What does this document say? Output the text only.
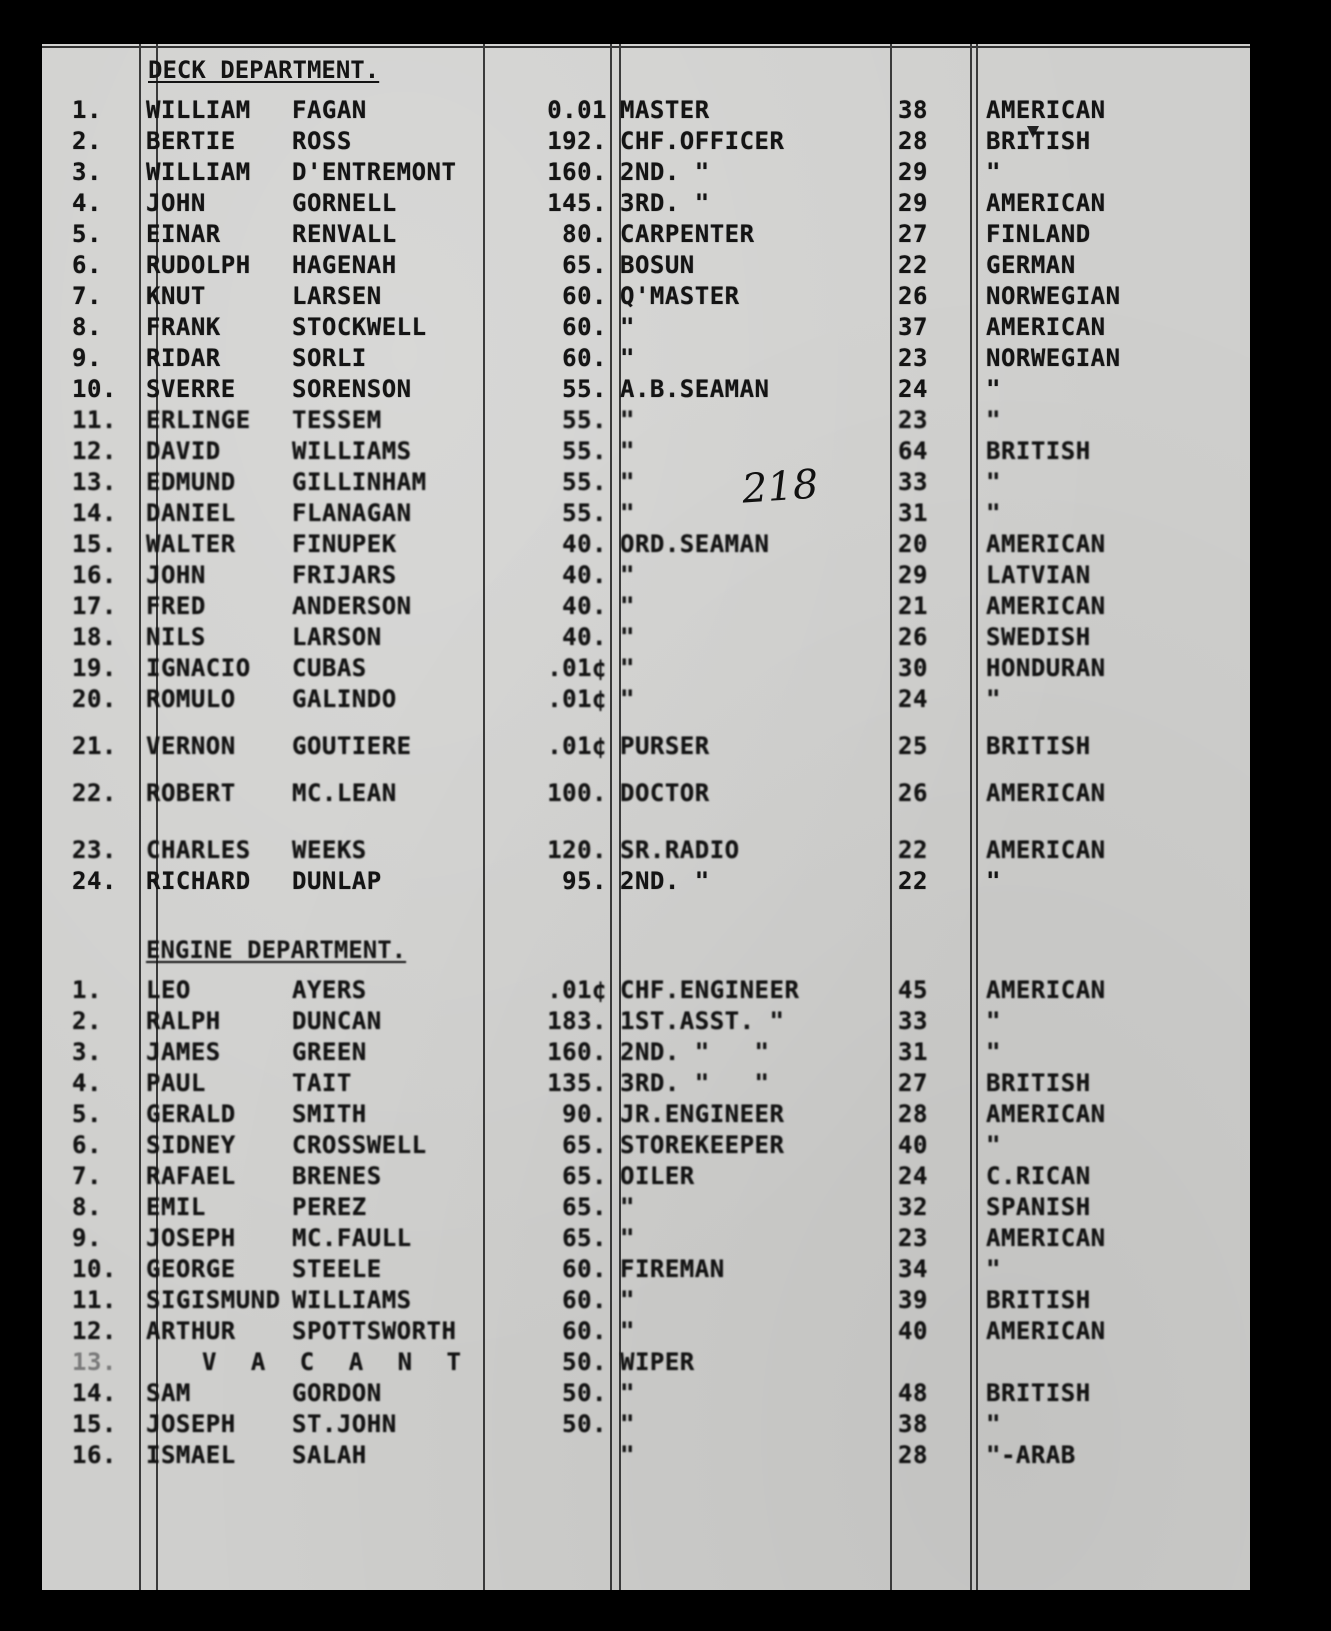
DECK DEPARTMENT.
ENGINE DEPARTMENT.
218
1. WILLIAM FAGAN	0.01 MASTER	38 AMERICAN
2. BERTIE ROSS	192. CHF.OFFICER	28 BRITISH
3. WILLIAM D'ENTREMONT	160. 2ND. "	29 "
4. JOHN	GORNELL	145. 3RD. "	29 AMERICAN
5. EINAR	RENVALL	80. CARPENTER	27 FINLAND
6. RUDOLPH HAGENAH	65. BOSUN	22 GERMAN
7. KNUT	LARSEN	60. Q'MASTER	26 NORWEGIAN
8. FRANK	STOCKWELL	60. "	37 AMERICAN
9. RIDAR	SORLI	60. "	23 NORWEGIAN
10. SVERRE SORENSON	55. A.B.SEAMAN	24 "
11. ERLINGE TESSEM	55. "	23 "
12. DAVID	WILLIAMS	55. "	64 BRITISH
13. EDMUND GILLINHAM	55. "	33 "
14. DANIEL FLANAGAN	55. "	31 "
15. WALTER FINUPEK	40. ORD.SEAMAN	20 AMERICAN
16. JOHN	FRIJARS	40. "	29 LATVIAN
17. FRED	ANDERSON	40. "	21 AMERICAN
18. NILS	LARSON	40. "	26 SWEDISH
19. IGNACIO CUBAS	.01¢ "	30 HONDURAN
20. ROMULO GALINDO	.01¢ "	24 "
21. VERNON GOUTIERE	.01¢ PURSER	25 BRITISH
22. ROBERT MC.LEAN	100. DOCTOR	26 AMERICAN
23. CHARLES WEEKS	120. SR.RADIO	22 AMERICAN
24. RICHARD DUNLAP	95. 2ND. "	22 "
1. LEO	AYERS	.01¢ CHF.ENGINEER	45 AMERICAN
2. RALPH	DUNCAN	183. 1ST.ASST. "	33 "
3. JAMES	GREEN	160. 2ND. "   "	31 "
4. PAUL	TAIT	135. 3RD. "   "	27 BRITISH
5. GERALD SMITH	90. JR.ENGINEER	28 AMERICAN
6. SIDNEY CROSSWELL	65. STOREKEEPER	40 "
7. RAFAEL BRENES	65. OILER	24 C.RICAN
8. EMIL	PEREZ	65. "	32 SPANISH
9. JOSEPH MC.FAULL	65. "	23 AMERICAN
10. GEORGE STEELE	60. FIREMAN	34 "
11. SIGISMUND WILLIAMS	60. "	39 BRITISH
12. ARTHUR SPOTTSWORTH	60. "	40 AMERICAN
13.	V A C A N T	50. WIPER
14. SAM	GORDON	50. "	48 BRITISH
15. JOSEPH ST.JOHN	50. "	38 "
16. ISMAEL SALAH	"	28 "-ARAB
